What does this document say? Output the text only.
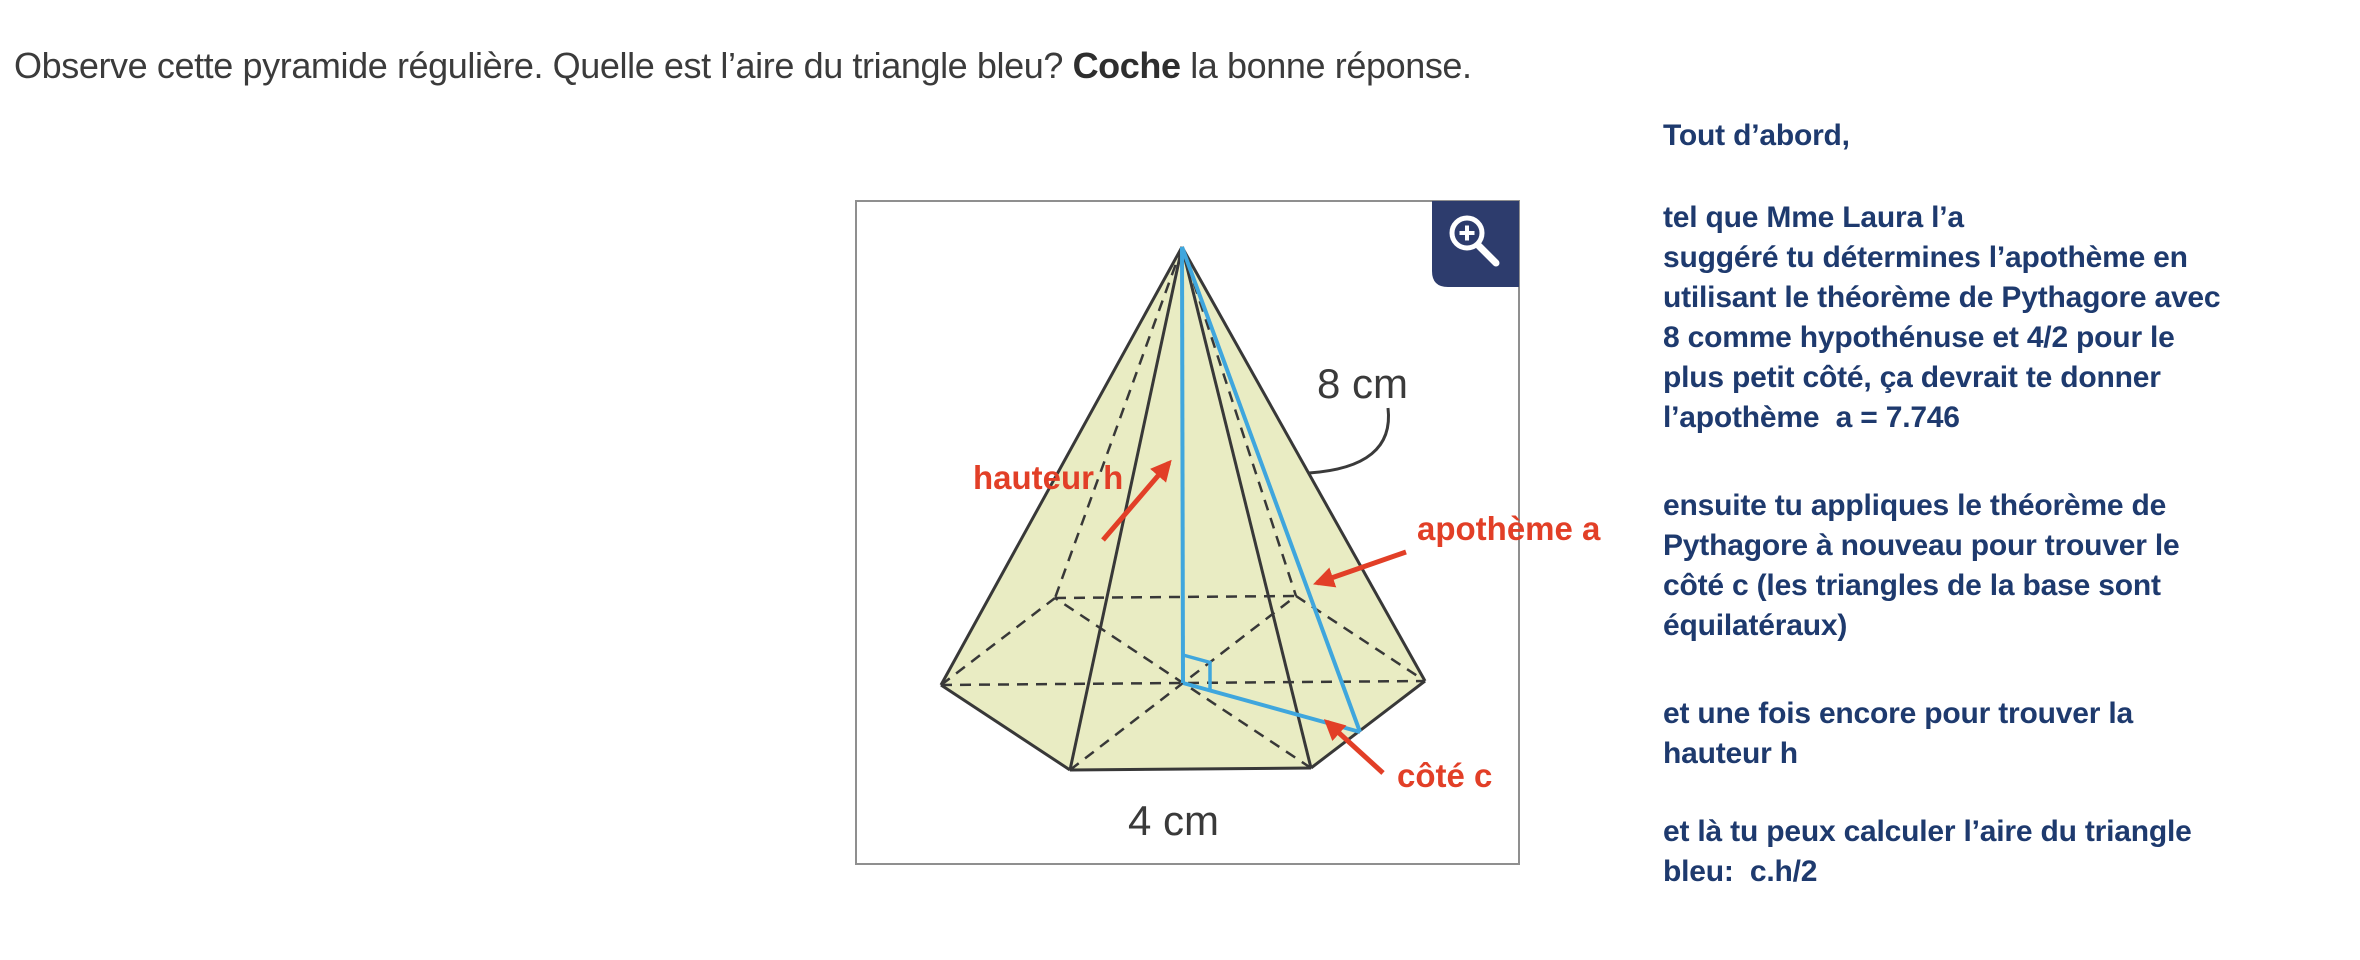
Observe cette pyramide régulière. Quelle est l’aire du triangle bleu? Coche la bonne réponse.
8 cm
4 cm
hauteur h
apothème a
côté c
Tout d’abord,
tel que Mme Laura l’a
suggéré tu détermines l’apothème en
utilisant le théorème de Pythagore avec
8 comme hypothénuse et 4/2 pour le
plus petit côté, ça devrait te donner
l’apothème  a = 7.746
ensuite tu appliques le théorème de
Pythagore à nouveau pour trouver le
côté c (les triangles de la base sont
équilatéraux)
et une fois encore pour trouver la
hauteur h
et là tu peux calculer l’aire du triangle
bleu:  c.h/2
